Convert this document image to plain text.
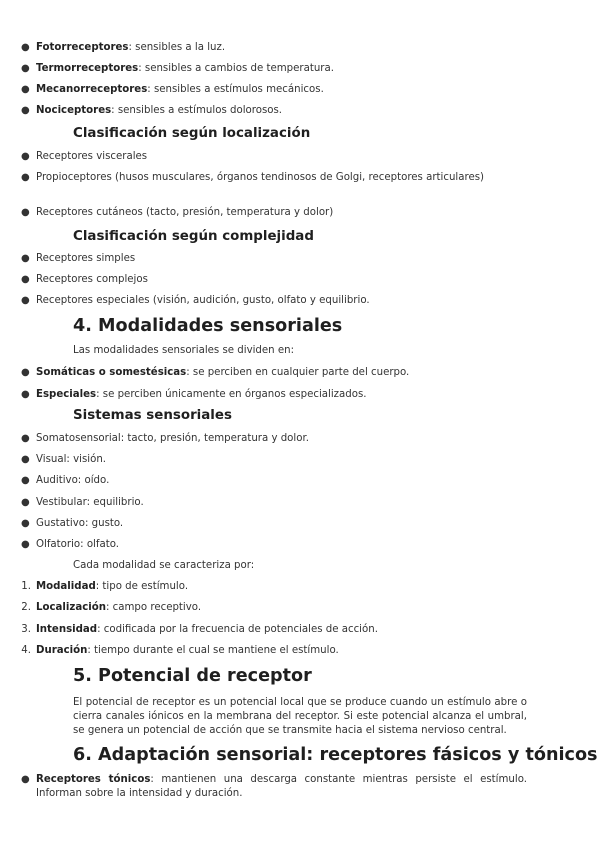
● Fotorreceptores: sensibles a la luz.
● Termorreceptores: sensibles a cambios de temperatura.
● Mecanorreceptores: sensibles a estímulos mecánicos.
● Nociceptores: sensibles a estímulos dolorosos.
Clasificación según localización
● Receptores viscerales
● Propioceptores (husos musculares, órganos tendinosos de Golgi, receptores articulares)
● Receptores cutáneos (tacto, presión, temperatura y dolor)
Clasificación según complejidad
● Receptores simples
● Receptores complejos
● Receptores especiales (visión, audición, gusto, olfato y equilibrio.
4. Modalidades sensoriales
Las modalidades sensoriales se dividen en:
● Somáticas o somestésicas: se perciben en cualquier parte del cuerpo.
● Especiales: se perciben únicamente en órganos especializados.
Sistemas sensoriales
● Somatosensorial: tacto, presión, temperatura y dolor.
● Visual: visión.
● Auditivo: oído.
● Vestibular: equilibrio.
● Gustativo: gusto.
● Olfatorio: olfato.
Cada modalidad se caracteriza por:
1. Modalidad: tipo de estímulo.
2. Localización: campo receptivo.
3. Intensidad: codificada por la frecuencia de potenciales de acción.
4. Duración: tiempo durante el cual se mantiene el estímulo.
5. Potencial de receptor
El potencial de receptor es un potencial local que se produce cuando un estímulo abre o cierra canales iónicos en la membrana del receptor. Si este potencial alcanza el umbral, se genera un potencial de acción que se transmite hacia el sistema nervioso central.
6. Adaptación sensorial: receptores fásicos y tónicos
● Receptores tónicos: mantienen una descarga constante mientras persiste el estímulo. Informan sobre la intensidad y duración.
